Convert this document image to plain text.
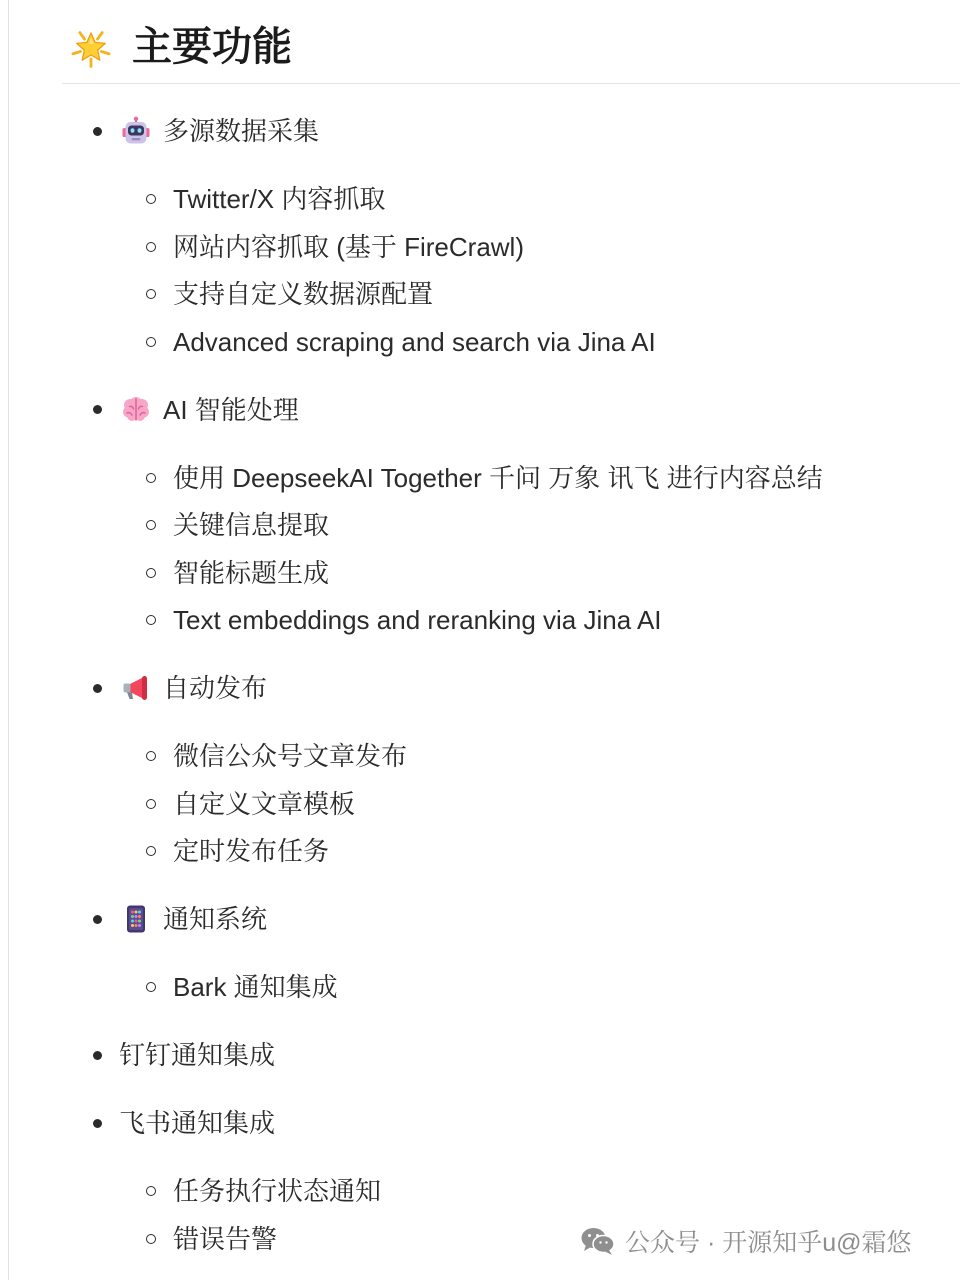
主要功能
多源数据采集
Twitter/X 内容抓取
网站内容抓取 (基于 FireCrawl)
支持自定义数据源配置
Advanced scraping and search via Jina AI
AI 智能处理
使用 DeepseekAI Together 千问 万象 讯飞 进行内容总结
关键信息提取
智能标题生成
Text embeddings and reranking via Jina AI
自动发布
微信公众号文章发布
自定义文章模板
定时发布任务
通知系统
Bark 通知集成
钉钉通知集成
飞书通知集成
任务执行状态通知
错误告警	公众号 · 开源知乎u@霜悠
